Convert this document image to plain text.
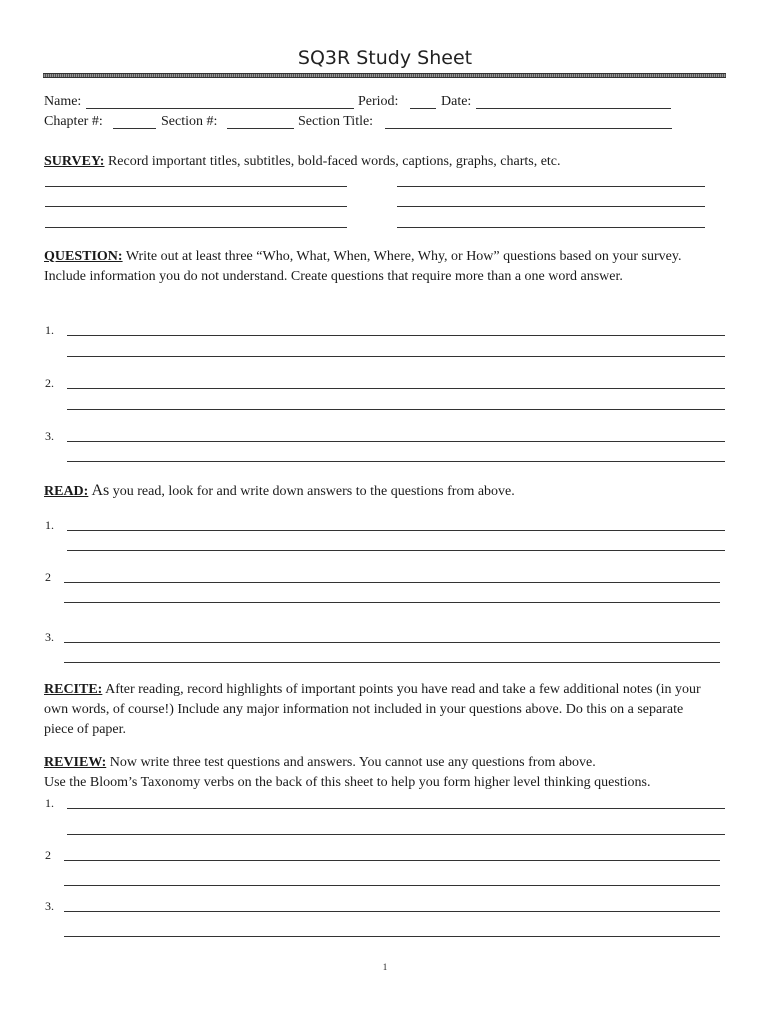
SQ3R Study Sheet
Name:	Period:	Date:
Chapter #:	Section #:	Section Title:
SURVEY: Record important titles, subtitles, bold-faced words, captions, graphs, charts, etc.
QUESTION: Write out at least three “Who, What, When, Where, Why, or How” questions based on your survey. Include information you do not understand. Create questions that require more than a one word answer.
1.
2.
3.
READ: As you read, look for and write down answers to the questions from above.
1.
2
3.
RECITE: After reading, record highlights of important points you have read and take a few additional notes (in your own words, of course!) Include any major information not included in your questions above. Do this on a separate piece of paper.
REVIEW: Now write three test questions and answers. You cannot use any questions from above.
Use the Bloom’s Taxonomy verbs on the back of this sheet to help you form higher level thinking questions.
1.
2
3.
1
